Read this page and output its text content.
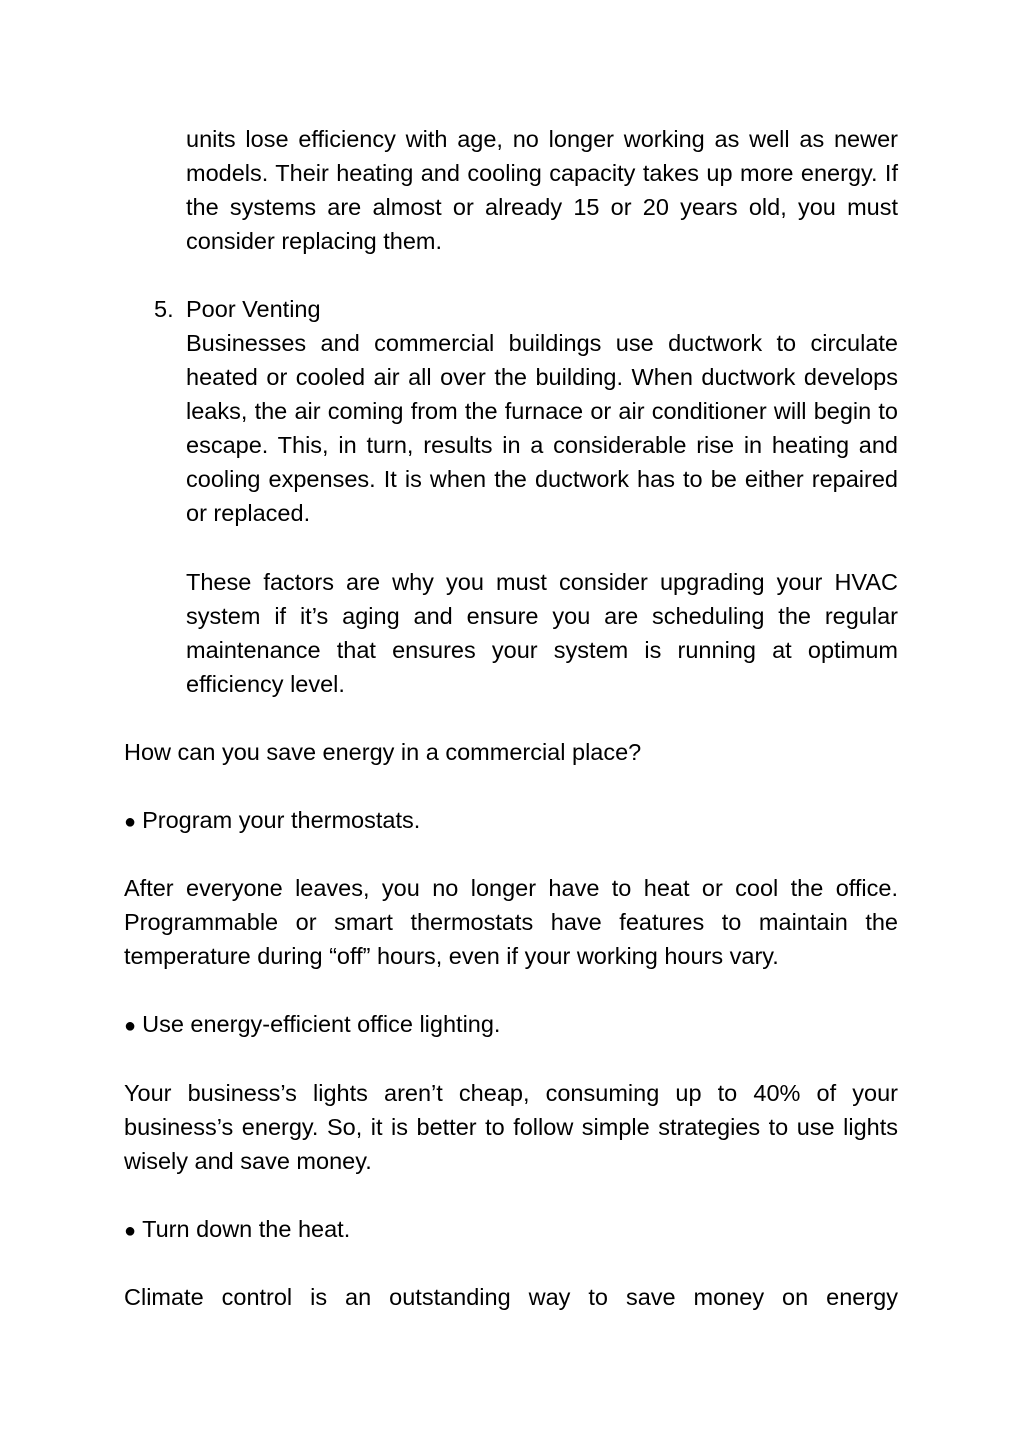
units lose efficiency with age, no longer working as well as newer models. Their heating and cooling capacity takes up more energy. If the systems are almost or already 15 or 20 years old, you must consider replacing them.

5. Poor Venting

Businesses and commercial buildings use ductwork to circulate heated or cooled air all over the building. When ductwork develops leaks, the air coming from the furnace or air conditioner will begin to escape. This, in turn, results in a considerable rise in heating and cooling expenses. It is when the ductwork has to be either repaired or replaced.

These factors are why you must consider upgrading your HVAC system if it’s aging and ensure you are scheduling the regular maintenance that ensures your system is running at optimum efficiency level.

How can you save energy in a commercial place?
● Program your thermostats.

After everyone leaves, you no longer have to heat or cool the office. Programmable or smart thermostats have features to maintain the temperature during “off” hours, even if your working hours vary.

● Use energy-efficient office lighting.

Your business’s lights aren’t cheap, consuming up to 40% of your business’s energy. So, it is better to follow simple strategies to use lights wisely and save money.

● Turn down the heat.

Climate control is an outstanding way to save money on energy
